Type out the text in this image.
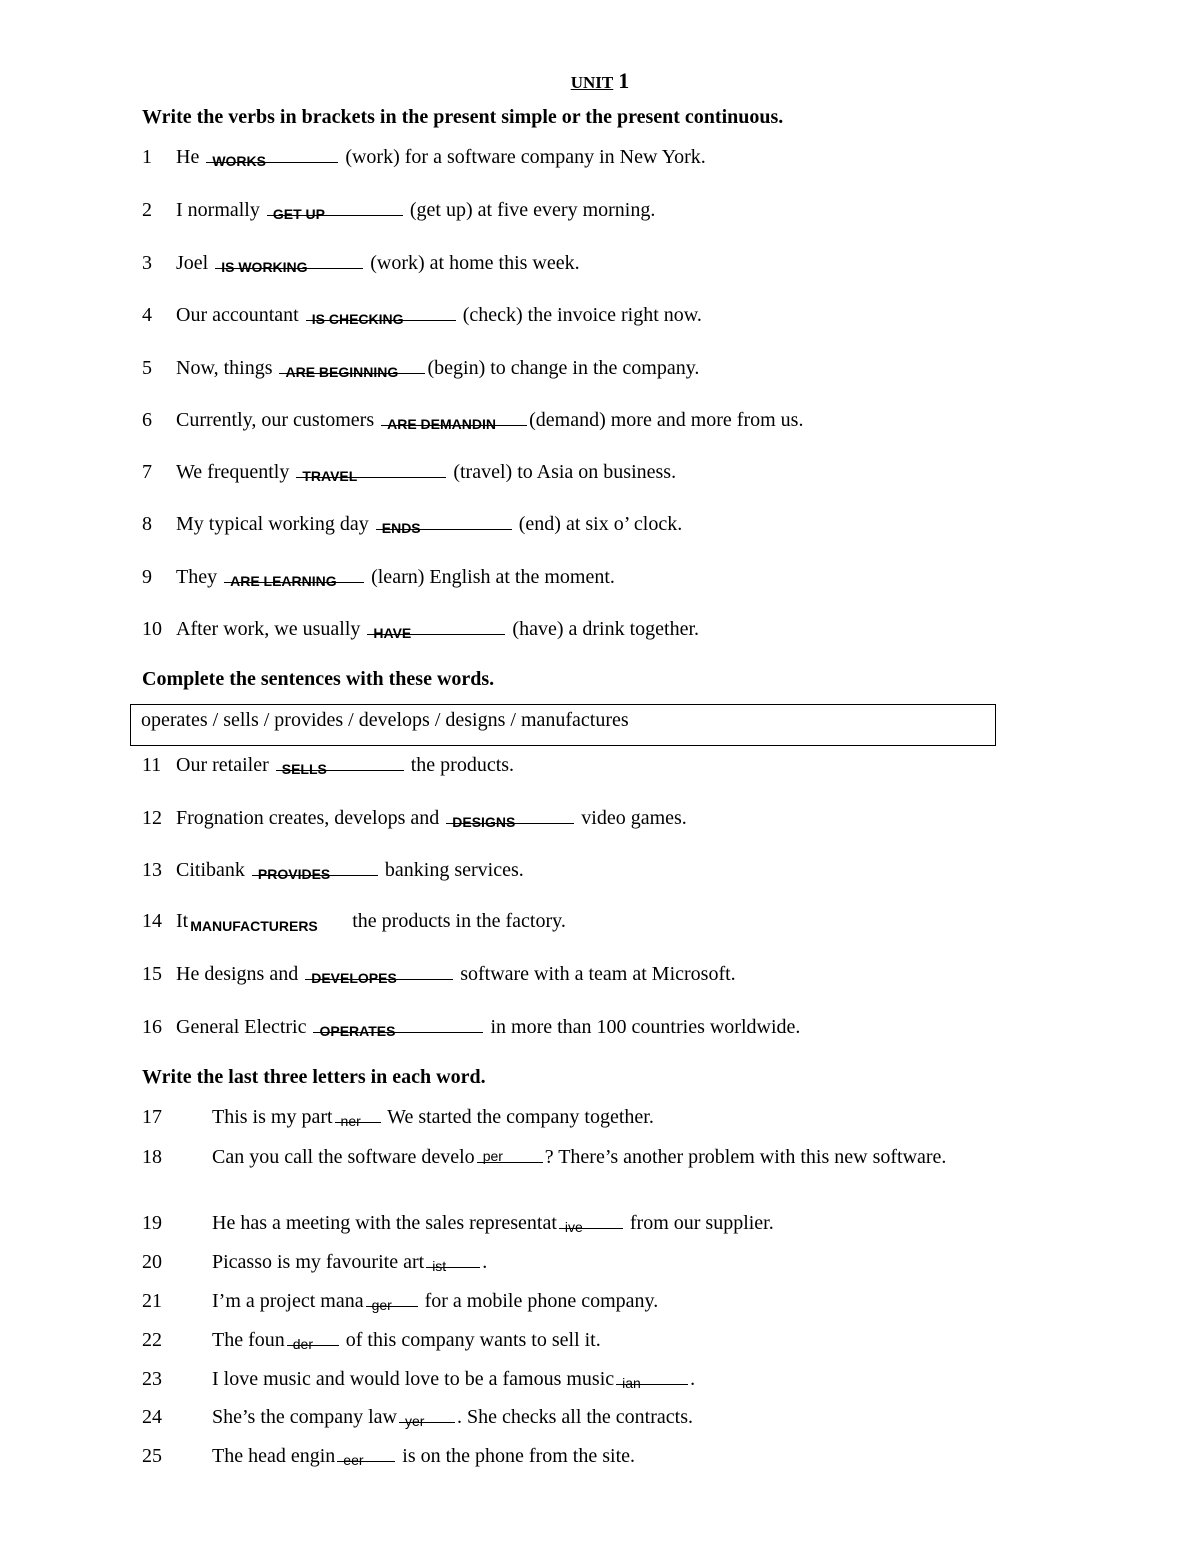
UNIT 1
Write the verbs in brackets in the present simple or the present continuous.
1 He WORKS	(work) for a software company in New York.
2 I normally GET UP	(get up) at five every morning.
3 Joel IS WORKING	(work) at home this week.
4 Our accountant IS CHECKING	(check) the invoice right now.
5 Now, things ARE BEGINNING (begin) to change in the company.
6 Currently, our customers ARE DEMANDIN (demand) more and more from us.
7 We frequently TRAVEL	(travel) to Asia on business.
8 My typical working day ENDS	(end) at six o’ clock.
9 They ARE LEARNING (learn) English at the moment.
10 After work, we usually HAVE	(have) a drink together.
Complete the sentences with these words.
operates / sells / provides / develops / designs / manufactures
11 Our retailer SELLS	the products.
12 Frognation creates, develops and DESIGNS	video games.
13 Citibank PROVIDES banking services.
14 It MANUFACTURERS the products in the factory.
15 He designs and DEVELOPES	software with a team at Microsoft.
16 General Electric OPERATES	in more than 100 countries worldwide.
Write the last three letters in each word.
17	This is my part ner We started the company together.
18	Can you call the software develo per ? There’s another problem with this new software.
19	He has a meeting with the sales representat ive from our supplier.
20	Picasso is my favourite art ist .
21	I’m a project mana ger for a mobile phone company.
22	The foun der of this company wants to sell it.
23	I love music and would love to be a famous music ian .
24	She’s the company law yer . She checks all the contracts.
25	The head engin eer is on the phone from the site.
